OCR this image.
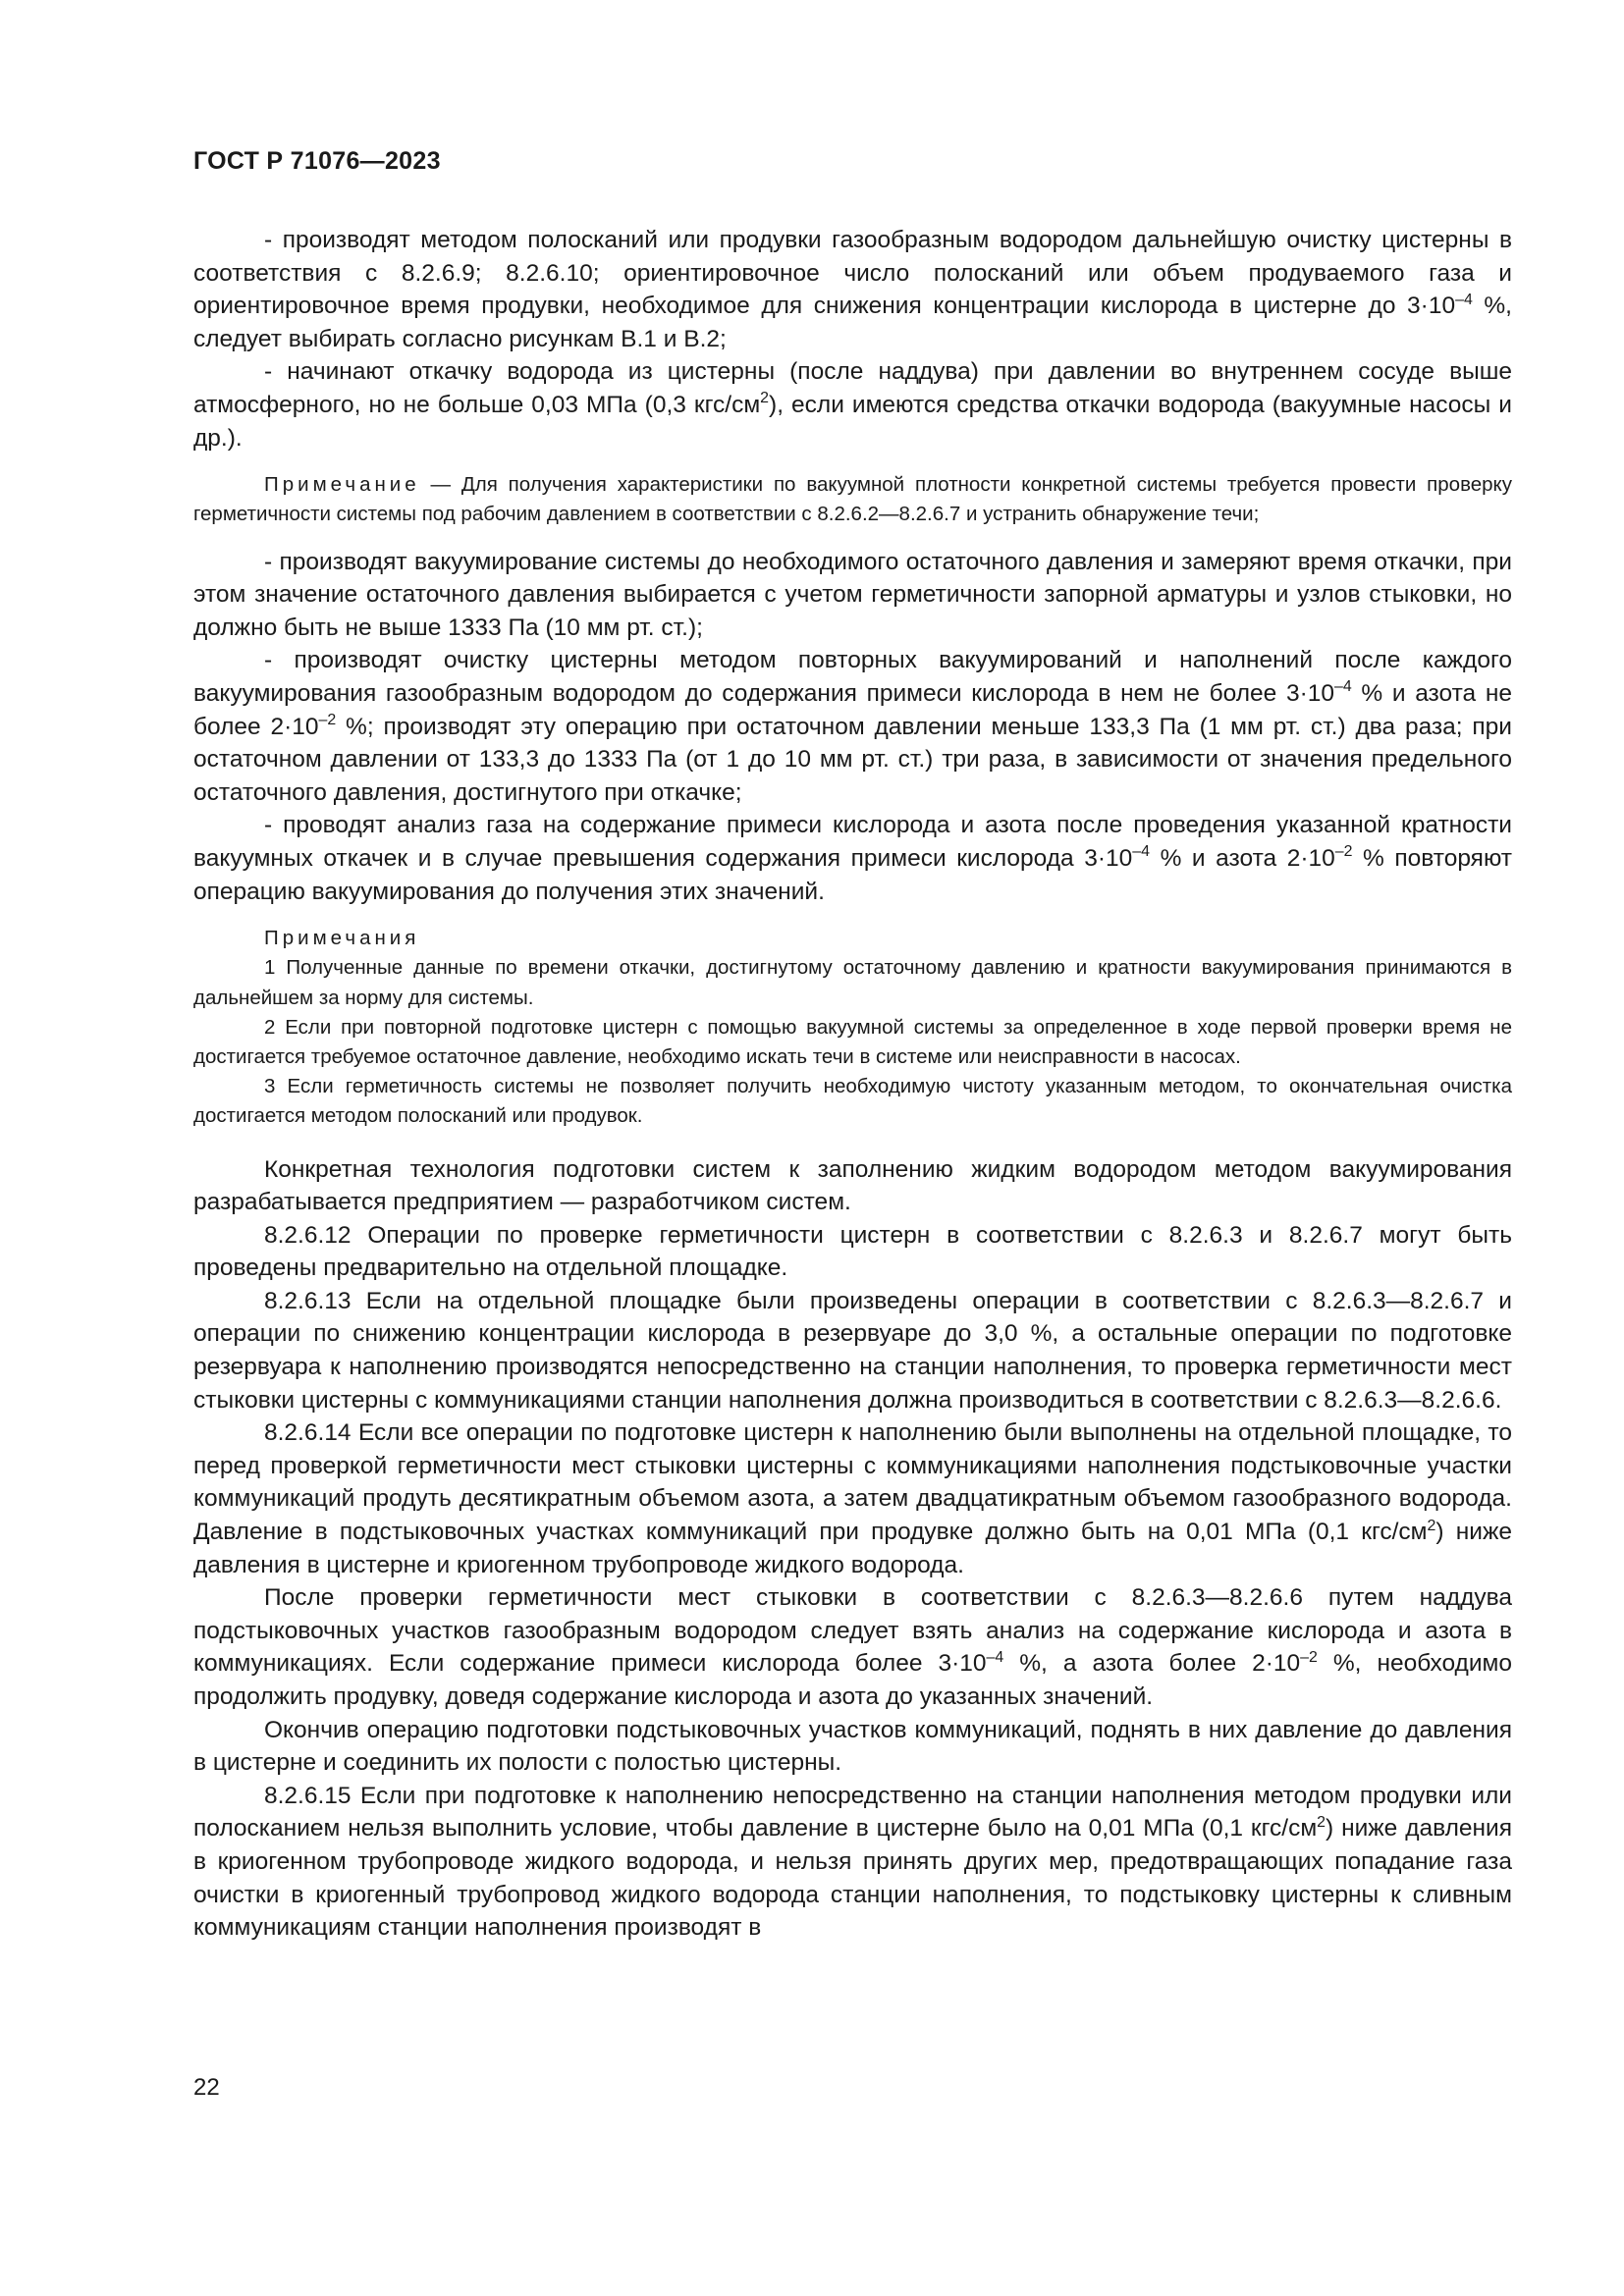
ГОСТ Р 71076—2023

- производят методом полосканий или продувки газообразным водородом дальнейшую очистку цистерны в соответствия с 8.2.6.9; 8.2.6.10; ориентировочное число полосканий или объем продуваемого газа и ориентировочное время продувки, необходимое для снижения концентрации кислорода в цистерне до $3\cdot 10^{-4}$ %, следует выбирать согласно рисункам В.1 и В.2;

- начинают откачку водорода из цистерны (после наддува) при давлении во внутреннем сосуде выше атмосферного, но не больше 0,03 МПа (0,3 кгс/$см^2$), если имеются средства откачки водорода (вакуумные насосы и др.).

Примечание — Для получения характеристики по вакуумной плотности конкретной системы требуется провести проверку герметичности системы под рабочим давлением в соответствии с 8.2.6.2—8.2.6.7 и устранить обнаружение течи;

- производят вакуумирование системы до необходимого остаточного давления и замеряют время откачки, при этом значение остаточного давления выбирается с учетом герметичности запорной арматуры и узлов стыковки, но должно быть не выше 1333 Па (10 мм рт. ст.);

- производят очистку цистерны методом повторных вакуумирований и наполнений после каждого вакуумирования газообразным водородом до содержания примеси кислорода в нем не более $3\cdot 10^{-4}$ % и азота не более $2\cdot 10^{-2}$ %; производят эту операцию при остаточном давлении меньше 133,3 Па (1 мм рт. ст.) два раза; при остаточном давлении от 133,3 до 1333 Па (от 1 до 10 мм рт. ст.) три раза, в зависимости от значения предельного остаточного давления, достигнутого при откачке;

- проводят анализ газа на содержание примеси кислорода и азота после проведения указанной кратности вакуумных откачек и в случае превышения содержания примеси кислорода $3\cdot 10^{-4}$ % и азота $2\cdot 10^{-2}$ % повторяют операцию вакуумирования до получения этих значений.

Примечания

1 Полученные данные по времени откачки, достигнутому остаточному давлению и кратности вакуумирования принимаются в дальнейшем за норму для системы.

2 Если при повторной подготовке цистерн с помощью вакуумной системы за определенное в ходе первой проверки время не достигается требуемое остаточное давление, необходимо искать течи в системе или неисправности в насосах.

3 Если герметичность системы не позволяет получить необходимую чистоту указанным методом, то окончательная очистка достигается методом полосканий или продувок.

Конкретная технология подготовки систем к заполнению жидким водородом методом вакуумирования разрабатывается предприятием — разработчиком систем.

8.2.6.12 Операции по проверке герметичности цистерн в соответствии с 8.2.6.3 и 8.2.6.7 могут быть проведены предварительно на отдельной площадке.

8.2.6.13 Если на отдельной площадке были произведены операции в соответствии с 8.2.6.3—8.2.6.7 и операции по снижению концентрации кислорода в резервуаре до 3,0 %, а остальные операции по подготовке резервуара к наполнению производятся непосредственно на станции наполнения, то проверка герметичности мест стыковки цистерны с коммуникациями станции наполнения должна производиться в соответствии с 8.2.6.3—8.2.6.6.

8.2.6.14 Если все операции по подготовке цистерн к наполнению были выполнены на отдельной площадке, то перед проверкой герметичности мест стыковки цистерны с коммуникациями наполнения подстыковочные участки коммуникаций продуть десятикратным объемом азота, а затем двадцатикратным объемом газообразного водорода. Давление в подстыковочных участках коммуникаций при продувке должно быть на 0,01 МПа (0,1 кгс/$см^2$) ниже давления в цистерне и криогенном трубопроводе жидкого водорода.

После проверки герметичности мест стыковки в соответствии с 8.2.6.3—8.2.6.6 путем наддува подстыковочных участков газообразным водородом следует взять анализ на содержание кислорода и азота в коммуникациях. Если содержание примеси кислорода более $3\cdot 10^{-4}$ %, а азота более $2\cdot 10^{-2}$ %, необходимо продолжить продувку, доведя содержание кислорода и азота до указанных значений.

Окончив операцию подготовки подстыковочных участков коммуникаций, поднять в них давление до давления в цистерне и соединить их полости с полостью цистерны.

8.2.6.15 Если при подготовке к наполнению непосредственно на станции наполнения методом продувки или полосканием нельзя выполнить условие, чтобы давление в цистерне было на 0,01 МПа (0,1 кгс/$см^2$) ниже давления в криогенном трубопроводе жидкого водорода, и нельзя принять других мер, предотвращающих попадание газа очистки в криогенный трубопровод жидкого водорода станции наполнения, то подстыковку цистерны к сливным коммуникациям станции наполнения производят в

22
